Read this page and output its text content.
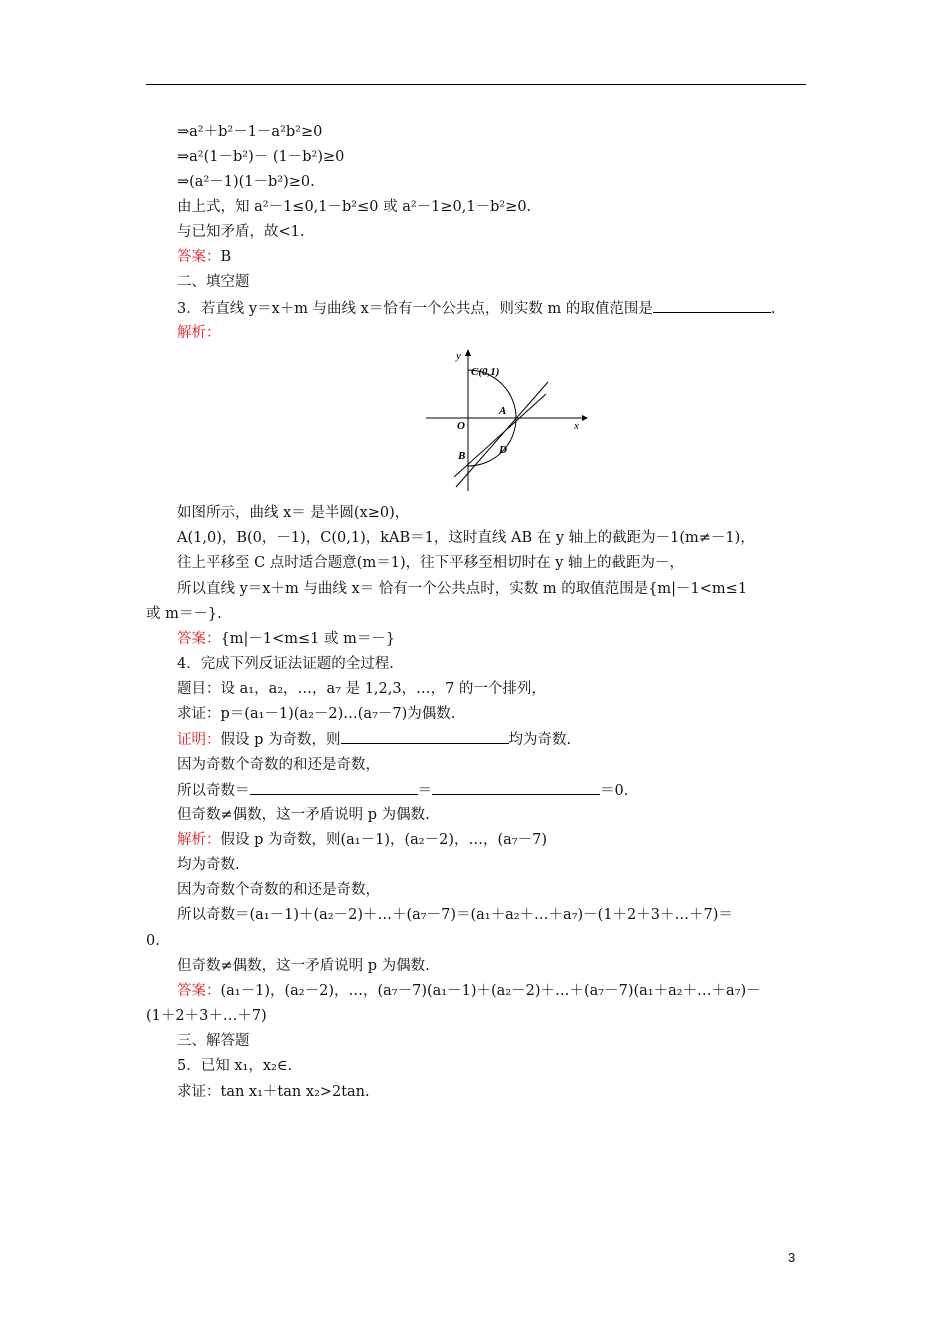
⇒a²＋b²－1－a²b²≥0
⇒a²(1－b²)－ (1－b²)≥0
⇒(a²－1)(1－b²)≥0.
由上式，知 a²－1≤0,1－b²≤0 或 a²－1≥0,1－b²≥0.
与已知矛盾，故<1.
答案：B
二、填空题
3．若直线 y＝x＋m 与曲线 x＝恰有一个公共点，则实数 m 的取值范围是	.
解析：
y
x
O
C(0,1)
A
B	D
如图所示，曲线 x＝ 是半圆(x≥0)，
A(1,0)，B(0，－1)，C(0,1)，kAB＝1，这时直线 AB 在 y 轴上的截距为－1(m≠－1)，
往上平移至 C 点时适合题意(m＝1)，往下平移至相切时在 y 轴上的截距为－，
所以直线 y＝x＋m 与曲线 x＝ 恰有一个公共点时，实数 m 的取值范围是{m|－1<m≤1
或 m＝－}.
答案：{m|－1<m≤1 或 m＝－}
4．完成下列反证法证题的全过程.
题目：设 a₁，a₂，…，a₇ 是 1,2,3，…，7 的一个排列，
求证：p＝(a₁－1)(a₂－2)…(a₇－7)为偶数.
证明：假设 p 为奇数，则	均为奇数.
因为奇数个奇数的和还是奇数，
所以奇数＝	＝	＝0.
但奇数≠偶数，这一矛盾说明 p 为偶数.
解析：假设 p 为奇数，则(a₁－1)，(a₂－2)，…，(a₇－7)
均为奇数.
因为奇数个奇数的和还是奇数，
所以奇数＝(a₁－1)＋(a₂－2)＋…＋(a₇－7)＝(a₁＋a₂＋…＋a₇)－(1＋2＋3＋…＋7)＝
0.
但奇数≠偶数，这一矛盾说明 p 为偶数.
答案：(a₁－1)，(a₂－2)，…，(a₇－7)(a₁－1)＋(a₂－2)＋…＋(a₇－7)(a₁＋a₂＋…＋a₇)－
(1＋2＋3＋…＋7)
三、解答题
5．已知 x₁，x₂∈.
求证：tan x₁＋tan x₂>2tan.
3
